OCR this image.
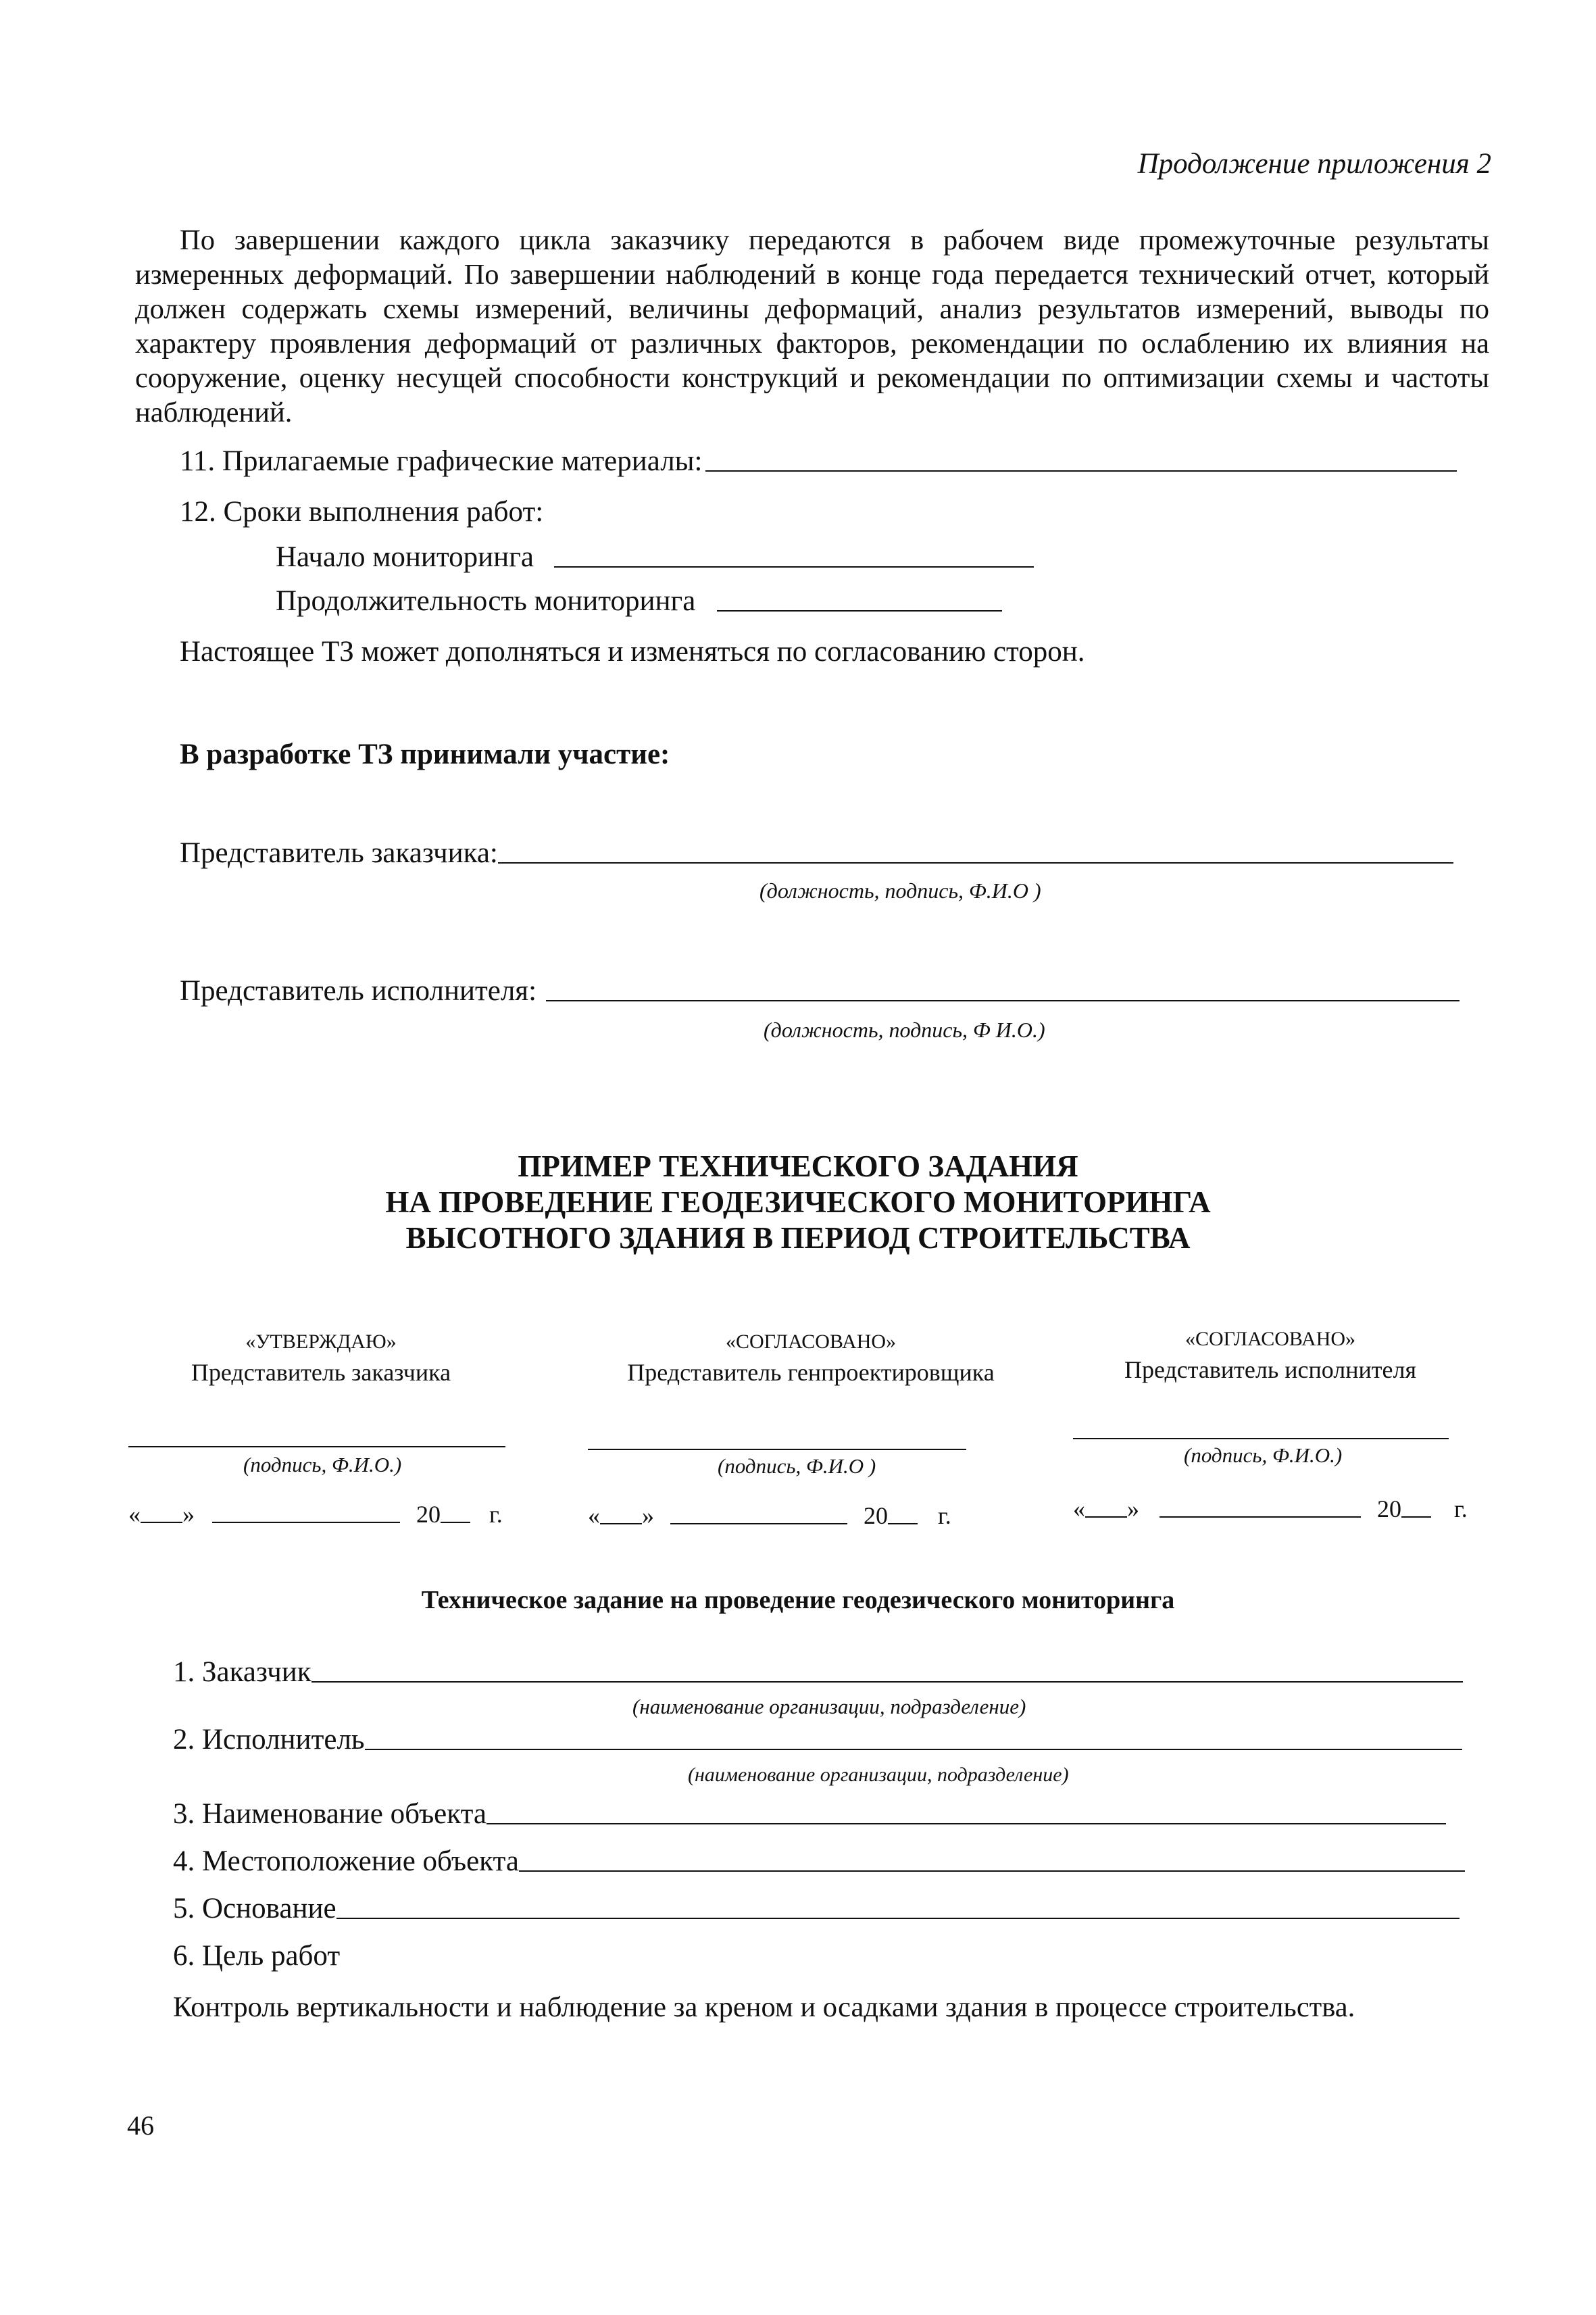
Продолжение приложения 2
По завершении каждого цикла заказчику передаются в рабочем виде промежуточные результаты измеренных деформаций. По завершении наблюдений в конце года передается технический отчет, который должен содержать схемы измерений, величины деформаций, анализ результатов измерений, выводы по характеру проявления деформаций от различных факторов, рекомендации по ослаблению их влияния на сооружение, оценку несущей способности конструкций и рекомендации по оптимизации схемы и частоты наблюдений.
11. Прилагаемые графические материалы:
12. Сроки выполнения работ:
Начало мониторинга
Продолжительность мониторинга
Настоящее ТЗ может дополняться и изменяться по согласованию сторон.
В разработке ТЗ принимали участие:
Представитель заказчика:
(должность, подпись, Ф.И.О )
Представитель исполнителя:
(должность, подпись, Ф И.О.)
ПРИМЕР ТЕХНИЧЕСКОГО ЗАДАНИЯ
НА ПРОВЕДЕНИЕ ГЕОДЕЗИЧЕСКОГО МОНИТОРИНГА
ВЫСОТНОГО ЗДАНИЯ В ПЕРИОД СТРОИТЕЛЬСТВА
«УТВЕРЖДАЮ»
Представитель заказчика
(подпись, Ф.И.О.)
« »	20 г.
«СОГЛАСОВАНО»
Представитель генпроектировщика
(подпись, Ф.И.О )
« »	20 г.
«СОГЛАСОВАНО»
Представитель исполнителя
(подпись, Ф.И.О.)
« »	20 г.
Техническое задание на проведение геодезического мониторинга
1. Заказчик
(наименование организации, подразделение)
2. Исполнитель
(наименование организации, подразделение)
3. Наименование объекта
4. Местоположение объекта
5. Основание
6. Цель работ
Контроль вертикальности и наблюдение за креном и осадками здания в процессе строительства.
46
